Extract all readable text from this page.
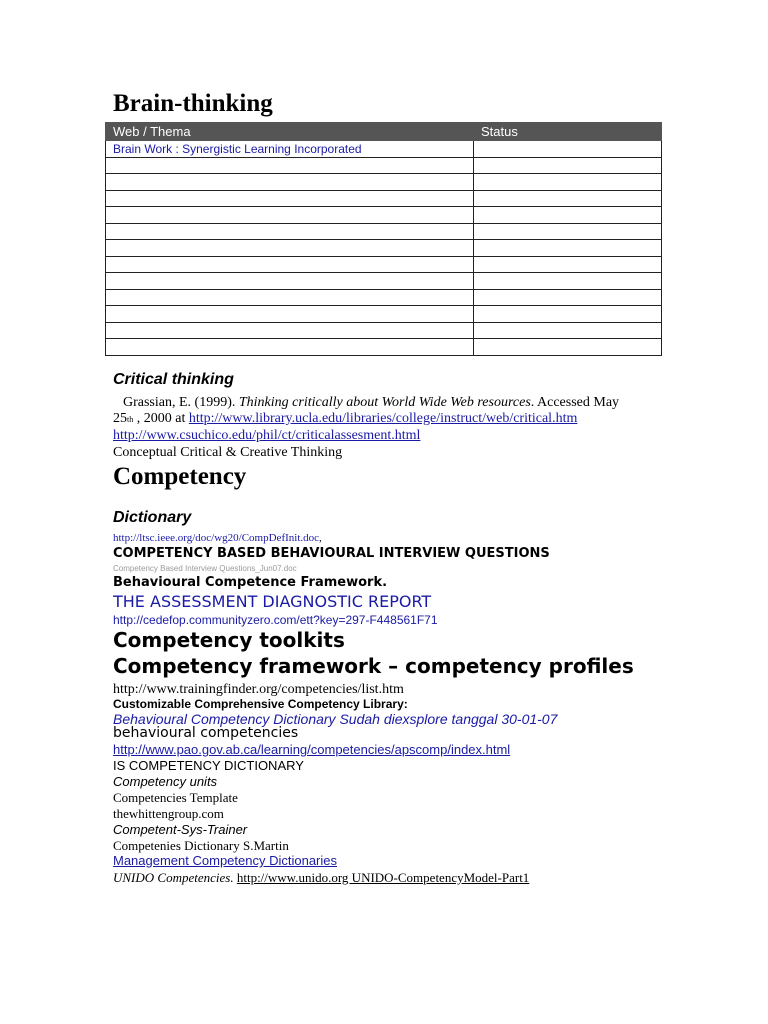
Brain-thinking
Web / Thema	Status
Brain Work : Synergistic Learning Incorporated	

Critical thinking
Grassian, E. (1999). Thinking critically about World Wide Web resources. Accessed May
25th , 2000 at http://www.library.ucla.edu/libraries/college/instruct/web/critical.htm
http://www.csuchico.edu/phil/ct/criticalassesment.html
Conceptual Critical & Creative Thinking
Competency
Dictionary
http://ltsc.ieee.org/doc/wg20/CompDefInit.doc,
COMPETENCY BASED BEHAVIOURAL INTERVIEW QUESTIONS
Competency Based Interview Questions_Jun07.doc
Behavioural Competence Framework.
THE ASSESSMENT DIAGNOSTIC REPORT
http://cedefop.communityzero.com/ett?key=297-F448561F71
Competency toolkits
Competency framework – competency profiles
http://www.trainingfinder.org/competencies/list.htm
Customizable Comprehensive Competency Library:
Behavioural Competency Dictionary Sudah diexsplore tanggal 30-01-07
behavioural competencies
http://www.pao.gov.ab.ca/learning/competencies/apscomp/index.html
IS COMPETENCY DICTIONARY
Competency units
Competencies Template
thewhittengroup.com
Competent-Sys-Trainer
Competenies Dictionary S.Martin
Management Competency Dictionaries
UNIDO Competencies. http://www.unido.org UNIDO-CompetencyModel-Part1
